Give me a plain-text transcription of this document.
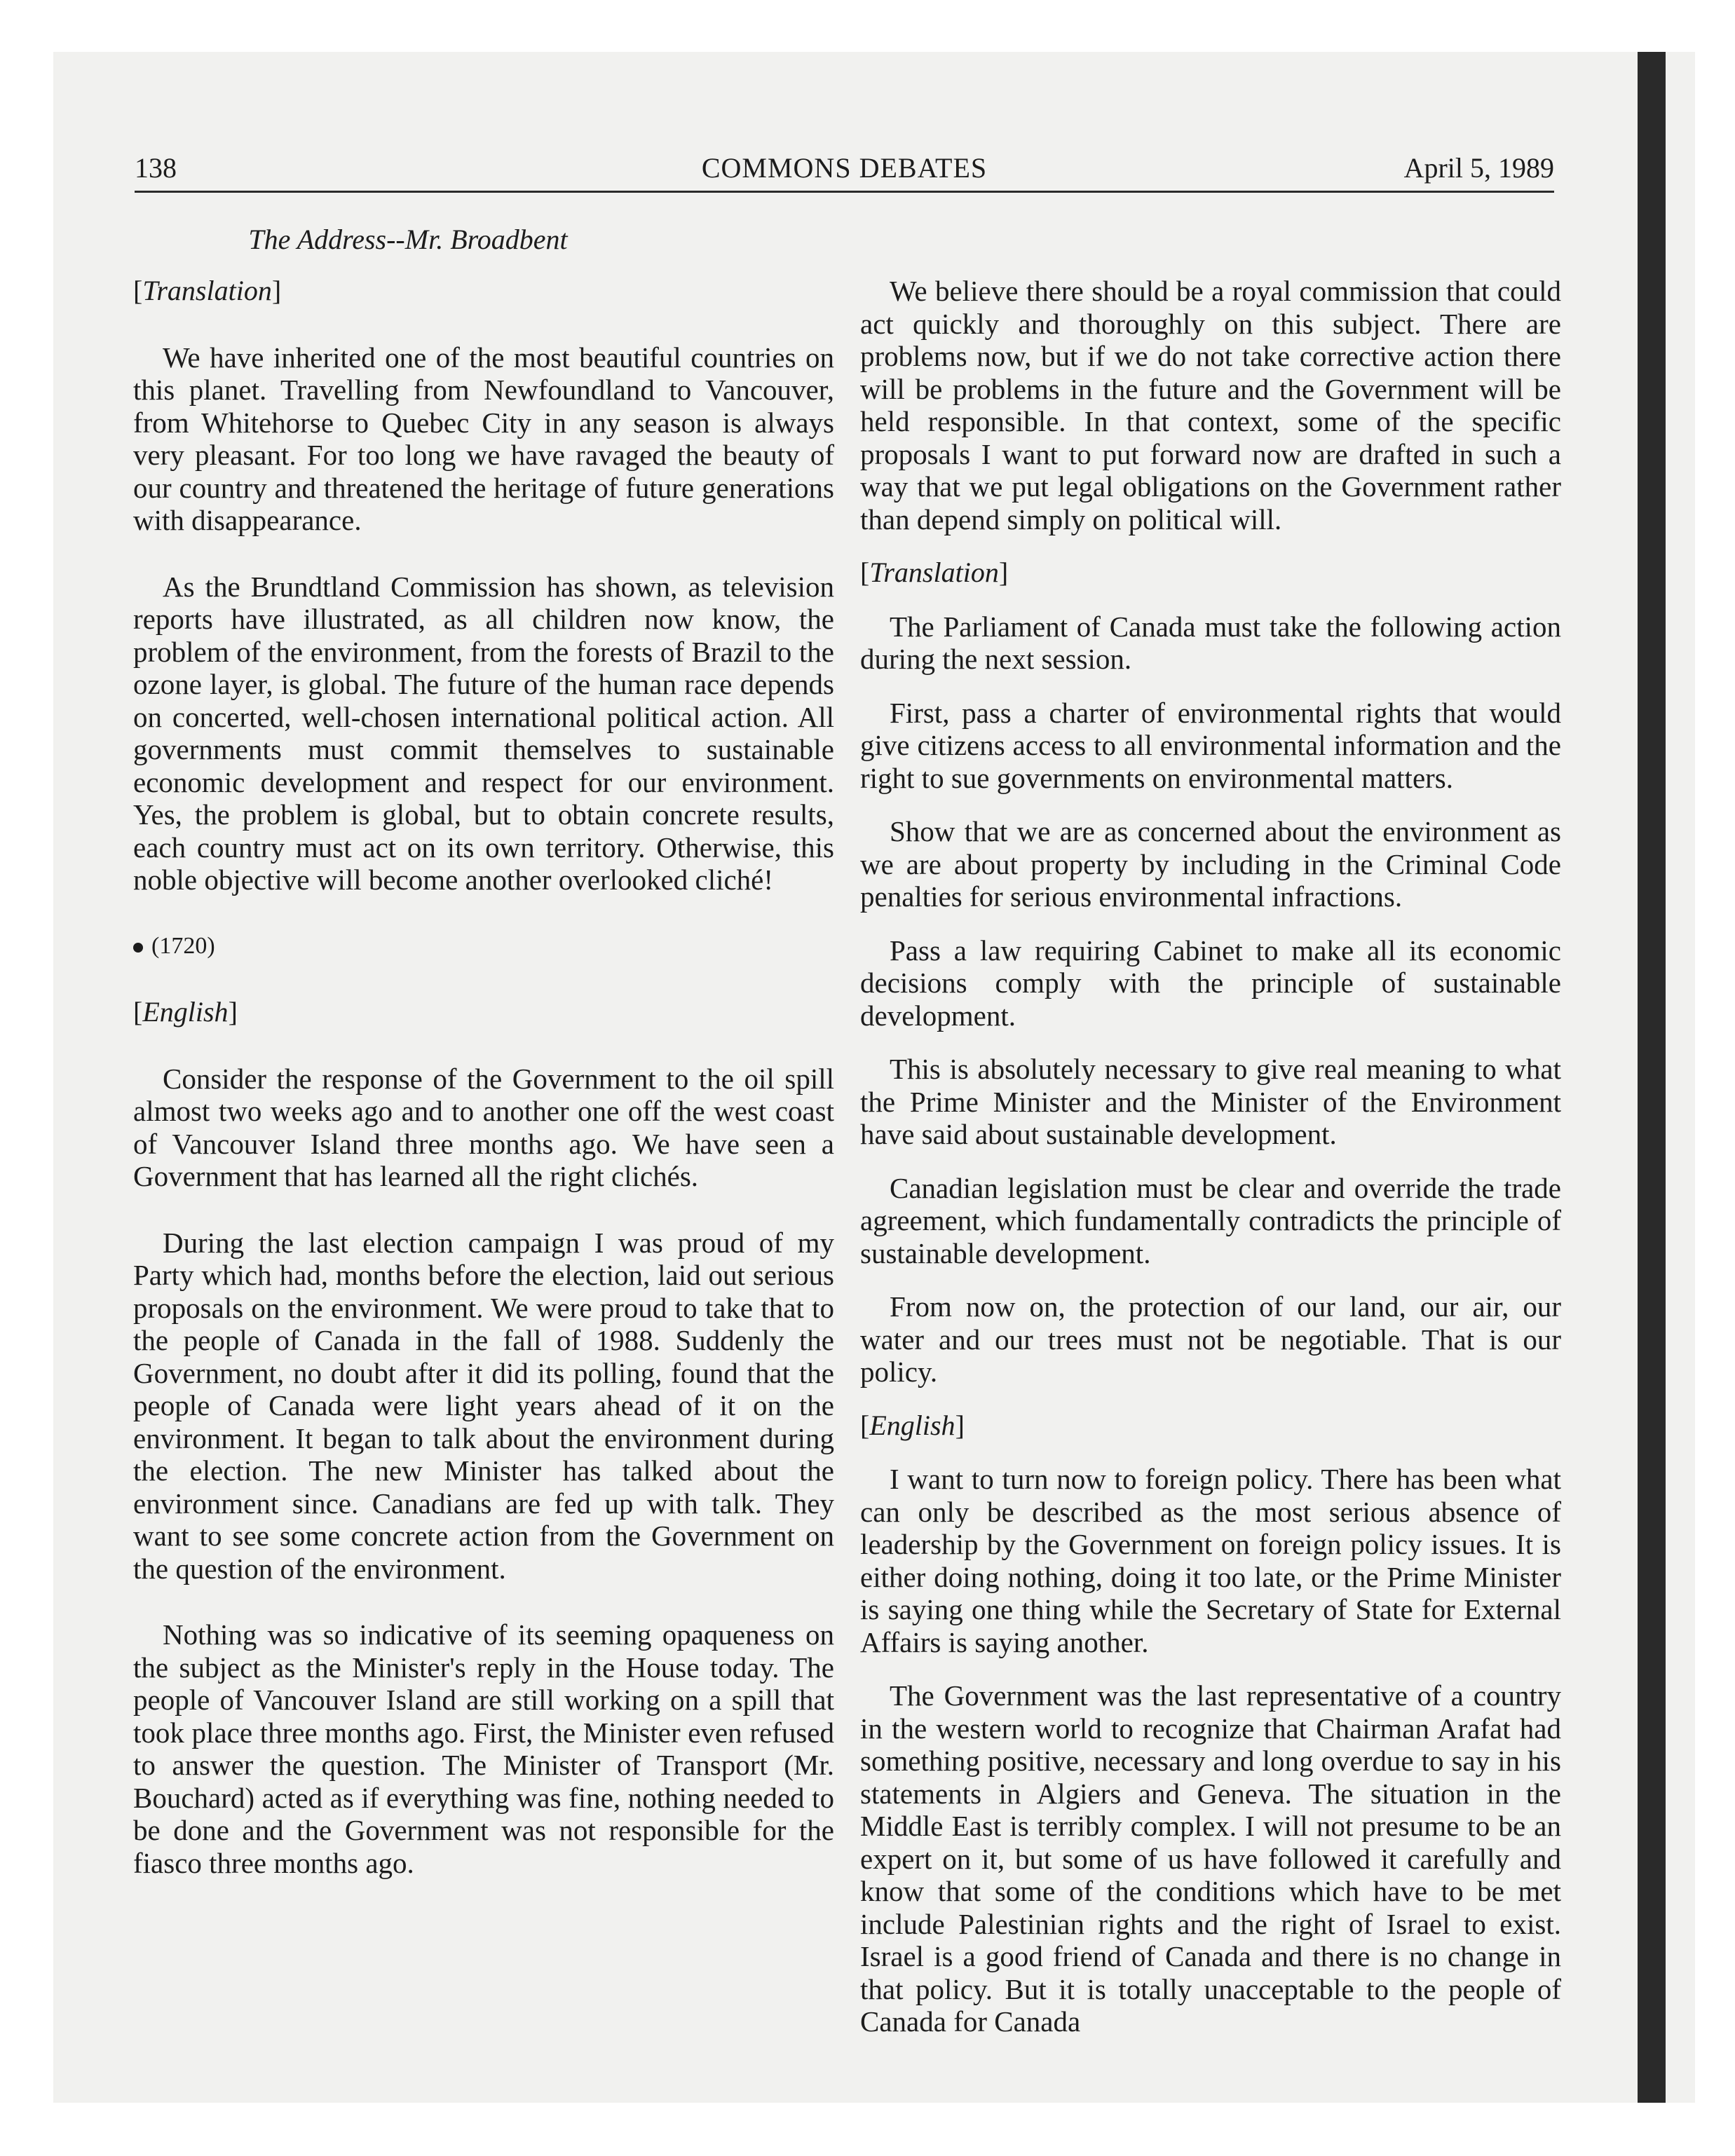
138	COMMONS DEBATES	April 5, 1989
The Address--Mr. Broadbent
[Translation]

We have inherited one of the most beautiful countries on this planet. Travelling from Newfoundland to Vancouver, from Whitehorse to Quebec City in any season is always very pleasant. For too long we have ravaged the beauty of our country and threatened the heritage of future generations with disappearance.

As the Brundtland Commission has shown, as television reports have illustrated, as all children now know, the problem of the environment, from the forests of Brazil to the ozone layer, is global. The future of the human race depends on concerted, well-chosen international political action. All governments must commit themselves to sustainable economic development and respect for our environment. Yes, the problem is global, but to obtain concrete results, each country must act on its own territory. Otherwise, this noble objective will become another overlooked cliché!

(1720)
[English]

Consider the response of the Government to the oil spill almost two weeks ago and to another one off the west coast of Vancouver Island three months ago. We have seen a Government that has learned all the right clichés.

During the last election campaign I was proud of my Party which had, months before the election, laid out serious proposals on the environment. We were proud to take that to the people of Canada in the fall of 1988. Suddenly the Government, no doubt after it did its polling, found that the people of Canada were light years ahead of it on the environment. It began to talk about the environment during the election. The new Minister has talked about the environment since. Canadians are fed up with talk. They want to see some concrete action from the Government on the question of the environment.

Nothing was so indicative of its seeming opaqueness on the subject as the Minister's reply in the House today. The people of Vancouver Island are still working on a spill that took place three months ago. First, the Minister even refused to answer the question. The Minister of Transport (Mr. Bouchard) acted as if everything was fine, nothing needed to be done and the Government was not responsible for the fiasco three months ago.

We believe there should be a royal commission that could act quickly and thoroughly on this subject. There are problems now, but if we do not take corrective action there will be problems in the future and the Government will be held responsible. In that context, some of the specific proposals I want to put forward now are drafted in such a way that we put legal obligations on the Government rather than depend simply on political will.

[Translation]

The Parliament of Canada must take the following action during the next session.

First, pass a charter of environmental rights that would give citizens access to all environmental information and the right to sue governments on environmental matters.

Show that we are as concerned about the environment as we are about property by including in the Criminal Code penalties for serious environmental infractions.

Pass a law requiring Cabinet to make all its economic decisions comply with the principle of sustainable development.

This is absolutely necessary to give real meaning to what the Prime Minister and the Minister of the Environment have said about sustainable development.

Canadian legislation must be clear and override the trade agreement, which fundamentally contradicts the principle of sustainable development.

From now on, the protection of our land, our air, our water and our trees must not be negotiable. That is our policy.

[English]

I want to turn now to foreign policy. There has been what can only be described as the most serious absence of leadership by the Government on foreign policy issues. It is either doing nothing, doing it too late, or the Prime Minister is saying one thing while the Secretary of State for External Affairs is saying another.

The Government was the last representative of a country in the western world to recognize that Chairman Arafat had something positive, necessary and long overdue to say in his statements in Algiers and Geneva. The situation in the Middle East is terribly complex. I will not presume to be an expert on it, but some of us have followed it carefully and know that some of the conditions which have to be met include Palestinian rights and the right of Israel to exist. Israel is a good friend of Canada and there is no change in that policy. But it is totally unacceptable to the people of Canada for Canada
